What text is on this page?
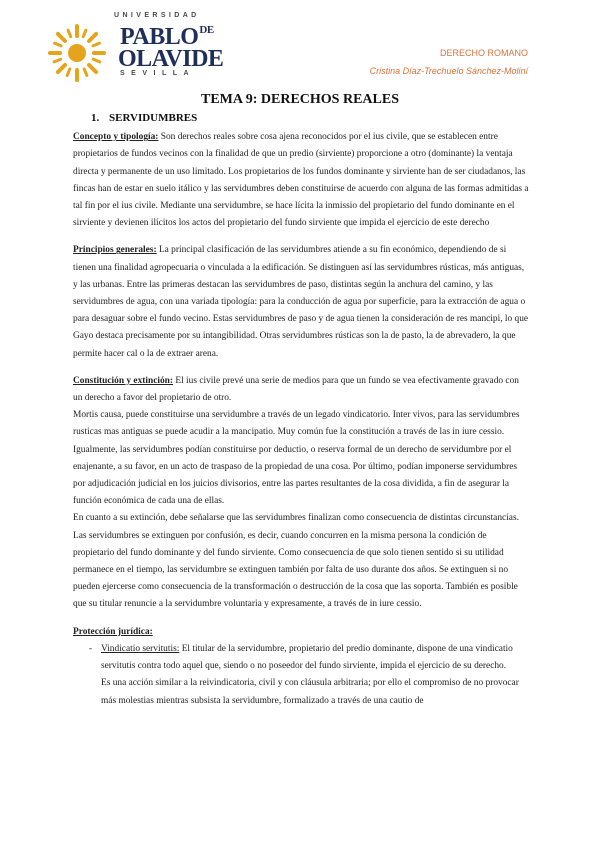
UNIVERSIDAD
$PABLO^{DE}$
OLAVIDE
SEVILLA
DERECHO ROMANO
Cristina Díaz-Trechuelo Sánchez-Moliní
TEMA 9: DERECHOS REALES
1. SERVIDUMBRES

Concepto y tipología: Son derechos reales sobre cosa ajena reconocidos por el ius civile, que se establecen entre propietarios de fundos vecinos con la finalidad de que un predio (sirviente) proporcione a otro (dominante) la ventaja directa y permanente de un uso limitado. Los propietarios de los fundos dominante y sirviente han de ser ciudadanos, las fincas han de estar en suelo itálico y las servidumbres deben constituirse de acuerdo con alguna de las formas admitidas a tal fin por el ius civile. Mediante una servidumbre, se hace lícita la inmissio del propietario del fundo dominante en el sirviente y devienen ilícitos los actos del propietario del fundo sirviente que impida el ejercicio de este derecho

Principios generales: La principal clasificación de las servidumbres atiende a su fin económico, dependiendo de si tienen una finalidad agropecuaria o vinculada a la edificación. Se distinguen así las servidumbres rústicas, más antiguas, y las urbanas. Entre las primeras destacan las servidumbres de paso, distintas según la anchura del camino, y las servidumbres de agua, con una variada tipología: para la conducción de agua por superficie, para la extracción de agua o para desaguar sobre el fundo vecino. Estas servidumbres de paso y de agua tienen la consideración de res mancipi, lo que Gayo destaca precisamente por su intangibilidad. Otras servidumbres rústicas son la de pasto, la de abrevadero, la que permite hacer cal o la de extraer arena.

Constitución y extinción: El ius civile prevé una serie de medios para que un fundo se vea efectivamente gravado con un derecho a favor del propietario de otro.

Mortis causa, puede constituirse una servidumbre a través de un legado vindicatorio. Inter vivos, para las servidumbres rusticas mas antiguas se puede acudir a la mancipatio. Muy común fue la constitución a través de las in iure cessio. Igualmente, las servidumbres podían constituirse por deductio, o reserva formal de un derecho de servidumbre por el enajenante, a su favor, en un acto de traspaso de la propiedad de una cosa. Por último, podían imponerse servidumbres por adjudicación judicial en los juicios divisorios, entre las partes resultantes de la cosa dividida, a fin de asegurar la función económica de cada una de ellas.

En cuanto a su extinción, debe señalarse que las servidumbres finalizan como consecuencia de distintas circunstancias. Las servidumbres se extinguen por confusión, es decir, cuando concurren en la misma persona la condición de propietario del fundo dominante y del fundo sirviente. Como consecuencia de que solo tienen sentido si su utilidad permanece en el tiempo, las servidumbre se extinguen también por falta de uso durante dos años. Se extinguen si no pueden ejercerse como consecuencia de la transformación o destrucción de la cosa que las soporta. También es posible que su titular renuncie a la servidumbre voluntaria y expresamente, a través de in iure cessio.

Protección jurídica:

- Vindicatio servitutis: El titular de la servidumbre, propietario del predio dominante, dispone de una vindicatio servitutis contra todo aquel que, siendo o no poseedor del fundo sirviente, impida el ejercicio de su derecho.

Es una acción similar a la reivindicatoria, civil y con cláusula arbitraria; por ello el compromiso de no provocar más molestias mientras subsista la servidumbre, formalizado a través de una cautio de
